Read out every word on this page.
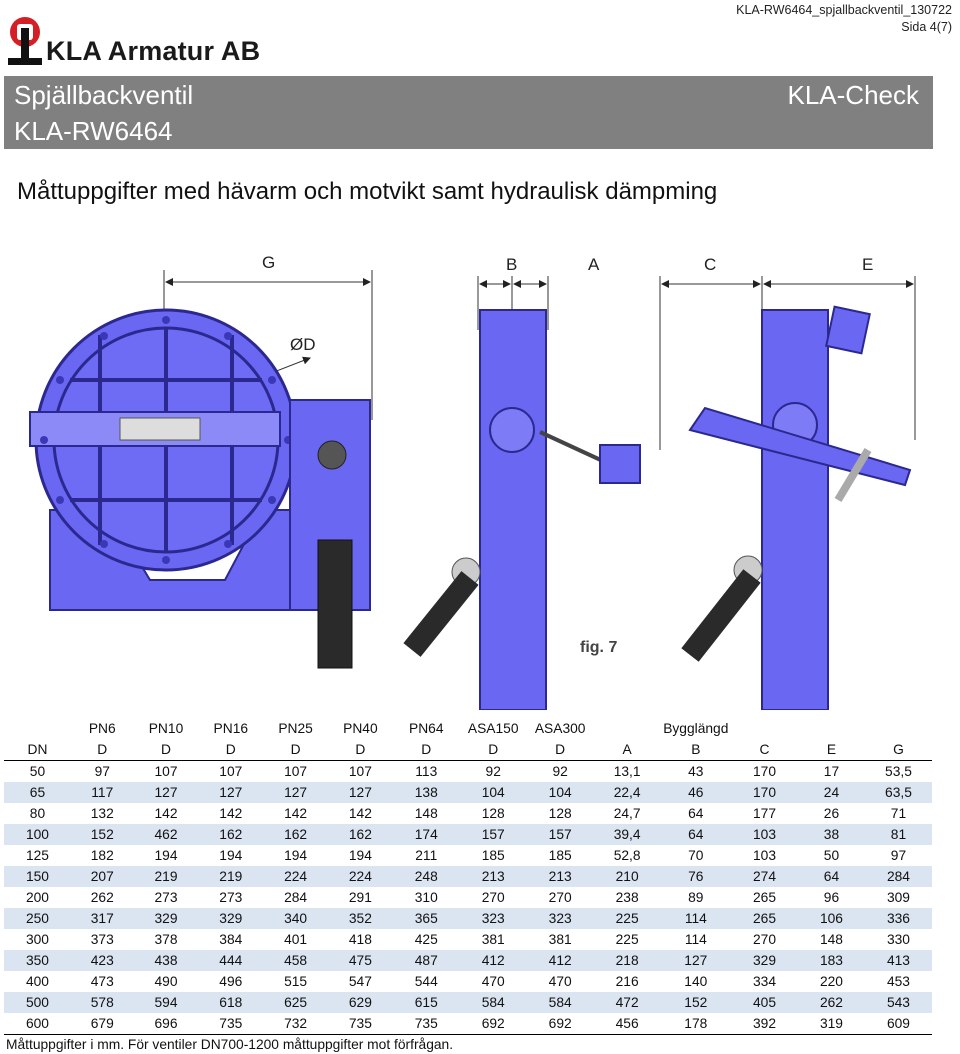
KLA-RW6464_spjallbackventil_130722
Sida 4(7)
KLA Armatur AB
Spjällbackventil
KLA-RW6464
KLA-Check
Måttuppgifter med hävarm och motvikt samt hydraulisk dämpming
G
ØD
B	A	C	E
fig. 7
	PN6	PN10	PN16	PN25	PN40	PN64	ASA150	ASA300		Bygglängd			
DN	D	D	D	D	D	D	D	D	A	B	C	E	G
50	97	107	107	107	107	113	92	92	13,1	43	170	17	53,5
65	117	127	127	127	127	138	104	104	22,4	46	170	24	63,5
80	132	142	142	142	142	148	128	128	24,7	64	177	26	71
100	152	462	162	162	162	174	157	157	39,4	64	103	38	81
125	182	194	194	194	194	211	185	185	52,8	70	103	50	97
150	207	219	219	224	224	248	213	213	210	76	274	64	284
200	262	273	273	284	291	310	270	270	238	89	265	96	309
250	317	329	329	340	352	365	323	323	225	114	265	106	336
300	373	378	384	401	418	425	381	381	225	114	270	148	330
350	423	438	444	458	475	487	412	412	218	127	329	183	413
400	473	490	496	515	547	544	470	470	216	140	334	220	453
500	578	594	618	625	629	615	584	584	472	152	405	262	543
600	679	696	735	732	735	735	692	692	456	178	392	319	609
Måttuppgifter i mm. För ventiler DN700-1200 måttuppgifter mot förfrågan.
